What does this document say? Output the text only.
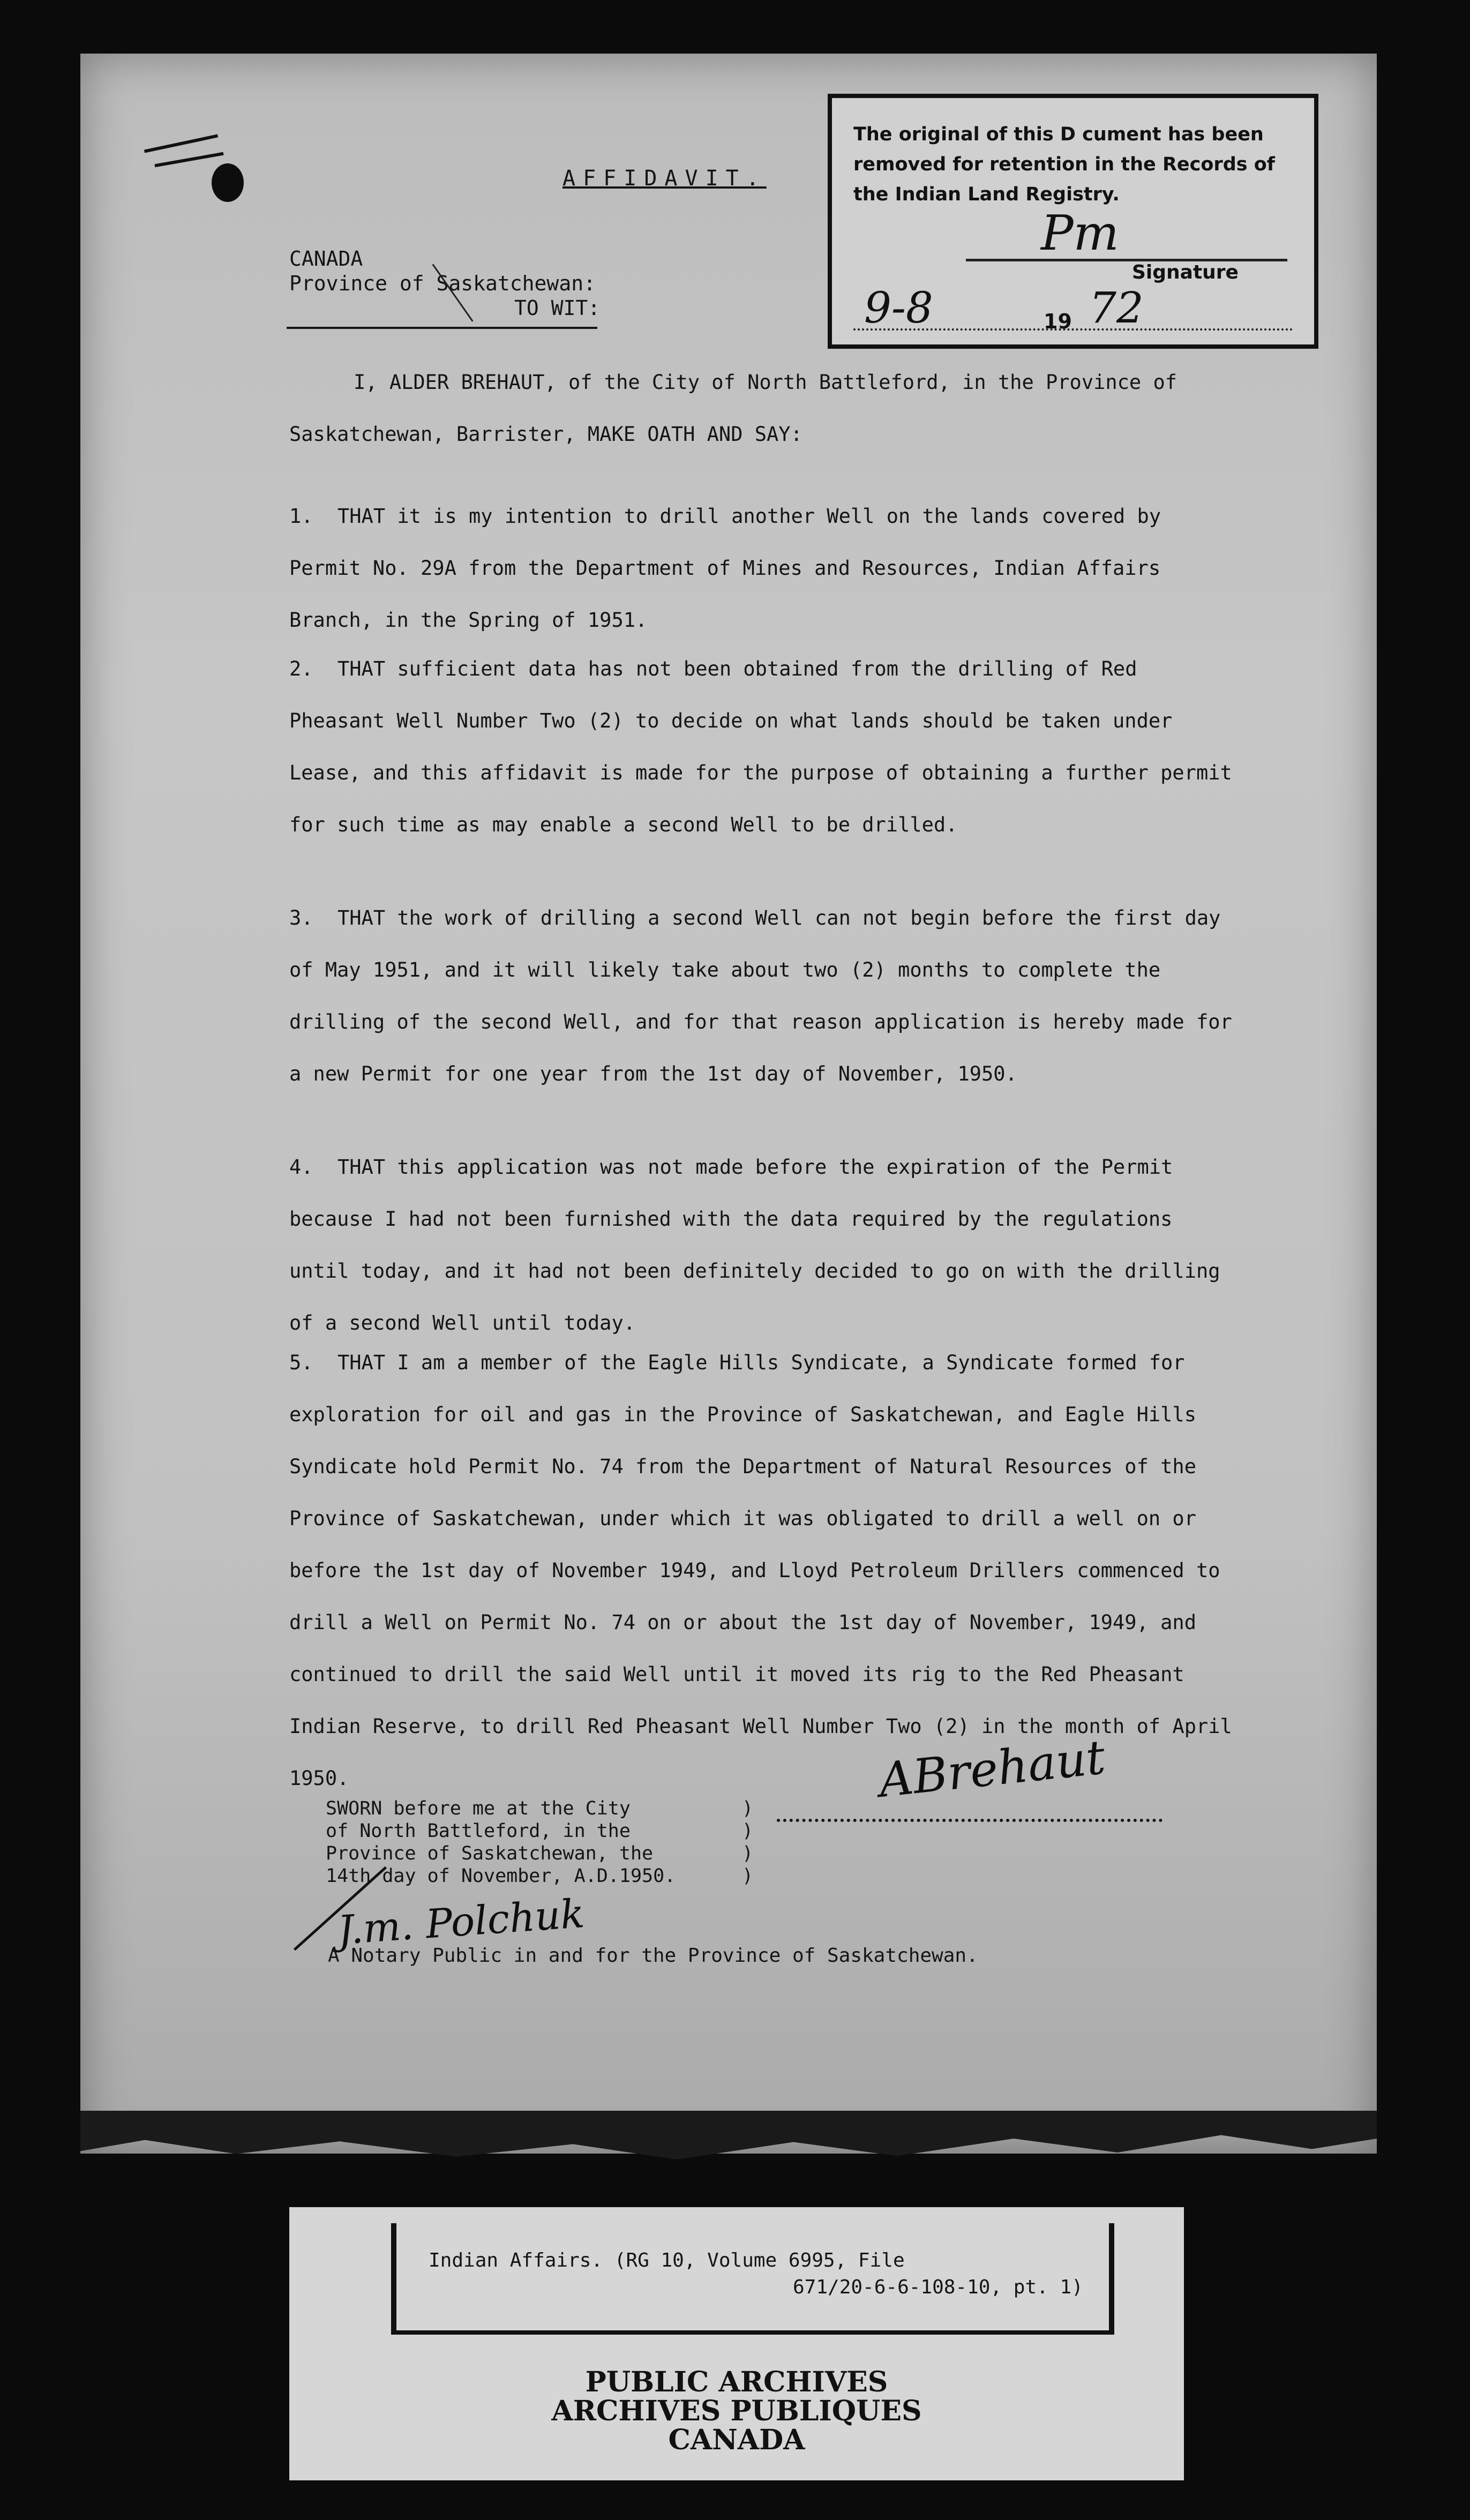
The original of this D cument has been
removed for retention in the Records of
the Indian Land Registry.
Pm
Signature
9-8	19 72
AFFIDAVIT.
CANADA
Province of Saskatchewan:
TO WIT:
I, ALDER BREHAUT, of the City of North Battleford, in the Province of Saskatchewan, Barrister, MAKE OATH AND SAY:
1. THAT it is my intention to drill another Well on the lands covered by Permit No. 29A from the Department of Mines and Resources, Indian Affairs Branch, in the Spring of 1951.
2. THAT sufficient data has not been obtained from the drilling of Red Pheasant Well Number Two (2) to decide on what lands should be taken under Lease, and this affidavit is made for the purpose of obtaining a further permit for such time as may enable a second Well to be drilled.
3. THAT the work of drilling a second Well can not begin before the first day of May 1951, and it will likely take about two (2) months to complete the drilling of the second Well, and for that reason application is hereby made for a new Permit for one year from the 1st day of November, 1950.
4. THAT this application was not made before the expiration of the Permit because I had not been furnished with the data required by the regulations until today, and it had not been definitely decided to go on with the drilling of a second Well until today.
5. THAT I am a member of the Eagle Hills Syndicate, a Syndicate formed for exploration for oil and gas in the Province of Saskatchewan, and Eagle Hills Syndicate hold Permit No. 74 from the Department of Natural Resources of the Province of Saskatchewan, under which it was obligated to drill a well on or before the 1st day of November 1949, and Lloyd Petroleum Drillers commenced to drill a Well on Permit No. 74 on or about the 1st day of November, 1949, and continued to drill the said Well until it moved its rig to the Red Pheasant Indian Reserve, to drill Red Pheasant Well Number Two (2) in the month of April 1950.
SWORN before me at the City
of North Battleford, in the
Province of Saskatchewan, the
14th day of November, A.D.1950.
)
)
)
)
ABrehaut
J.m. Polchuk
A Notary Public in and for the Province of Saskatchewan.
Indian Affairs. (RG 10, Volume 6995, File
671/20-6-6-108-10, pt. 1)
PUBLIC ARCHIVES
ARCHIVES PUBLIQUES
CANADA
